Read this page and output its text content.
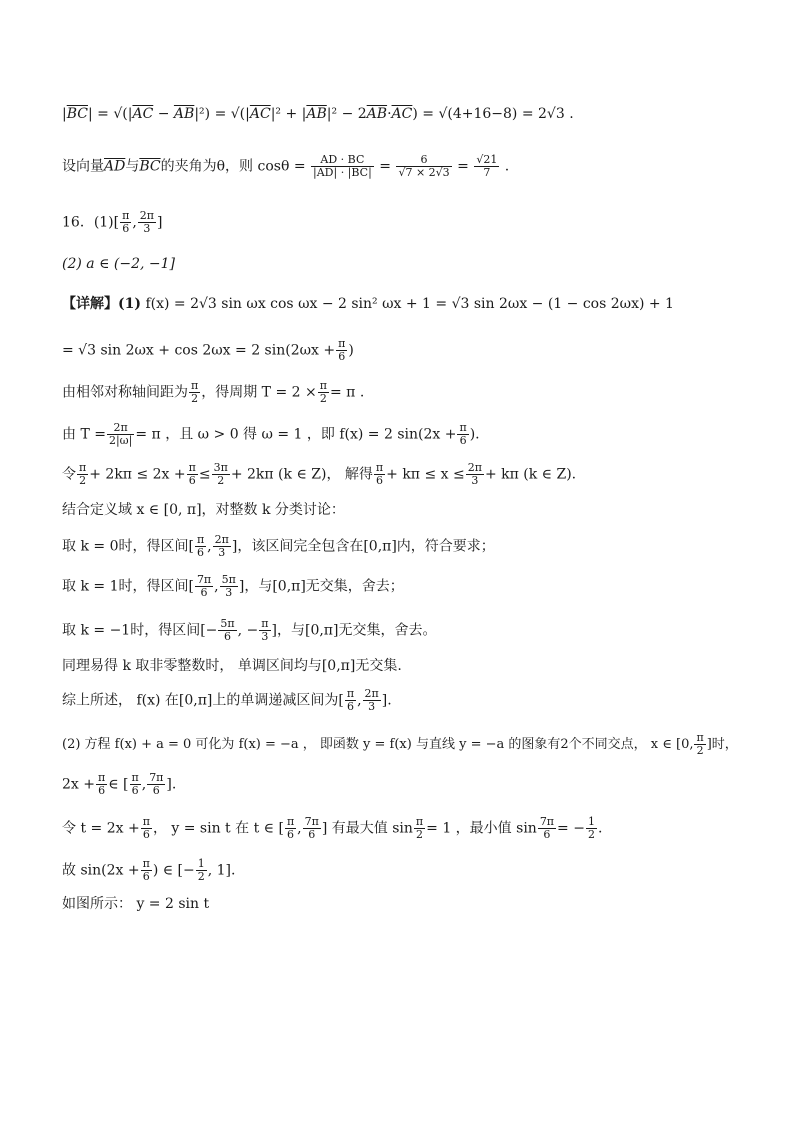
$|\overline{BC}| = √(|\overline{AC} - \overline{AB}|^2) = √(|\overline{AC}|^2 + |\overline{AB}|^2 - 2\overline{AB}\cdot\overline{AC}) = √(4+16-8) = 2√3$ .
设向量$\overline{AD}$与$\overline{BC}$的夹角为θ，则 $\cos\theta = \frac{AD \cdot BC}{|AD| \cdot |BC|} = \frac{6}{√7 \times 2√3} = \frac{√21}{7}$ .
16．$(1)[ \frac{\pi}{6}$ , $\frac{2\pi}{3}$ ]
(2) a ∈ (−2, −1]
【详解】(1) f(x) = 2√3 sin ωx cos ωx − 2 sin² ωx + 1 = √3 sin 2ωx − (1 − cos 2ωx) + 1
= √3 sin 2ωx + cos 2ωx = 2 $\sin(2\omega x + \frac{\pi}{6}$ )
由相邻对称轴间距为 $\frac{\pi}{2}$ ，得周期 $T = 2 \times \frac{\pi}{2} = \pi$ .
由 $T = \frac{2\pi}{2|\omega|} = \pi$ ，且 ω > 0 得 ω = 1 ，即 f(x) = 2 $\sin(2x + \frac{\pi}{6}$ ).
令 $\frac{\pi}{2} + 2k\pi \le 2x + \frac{\pi}{6} \le \frac{3\pi}{2} + 2k\pi$ (k ∈ Z)， 解得 $\frac{\pi}{6} + k\pi \le x \le \frac{2\pi}{3} + k\pi$ (k ∈ Z).
结合定义域 x ∈ [0, π]，对整数 k 分类讨论：
取 k = 0时，得区间[ $\frac{\pi}{6}$ , $\frac{2\pi}{3}$ ]，该区间完全包含在[0,π]内，符合要求；
取 k = 1时，得区间[ $\frac{7\pi}{6}$ , $\frac{5\pi}{3}$ ]，与[0,π]无交集，舍去；
取 k = −1时，得区间[− $\frac{5\pi}{6}$ , − $\frac{\pi}{3}$ ]，与[0,π]无交集，舍去。
同理易得 k 取非零整数时， 单调区间均与[0,π]无交集.
综上所述， f(x) 在[0,π]上的单调递减区间为[ $\frac{\pi}{6}$ , $\frac{2\pi}{3}$ ].
(2) 方程 f(x) + a = 0 可化为 f(x) = −a ， 即函数 y = f(x) 与直线 y = −a 的图象有2个不同交点， x ∈ [0, $\frac{\pi}{2}$ ]时，
$2x + \frac{\pi}{6}$ ∈ [ $\frac{\pi}{6}$ , $\frac{7\pi}{6}$ ].
令 $t = 2x + \frac{\pi}{6}$ ， y = sin t 在 t ∈ [ $\frac{\pi}{6}$ , $\frac{7\pi}{6}$ ] 有最大值 $\sin \frac{\pi}{2} = 1$ ，最小值 $\sin \frac{7\pi}{6}$ = − $\frac{1}{2}$ .
故 $\sin(2x + \frac{\pi}{6}$ ) ∈ [− $\frac{1}{2}$ , 1].
如图所示： y = 2 sin t
